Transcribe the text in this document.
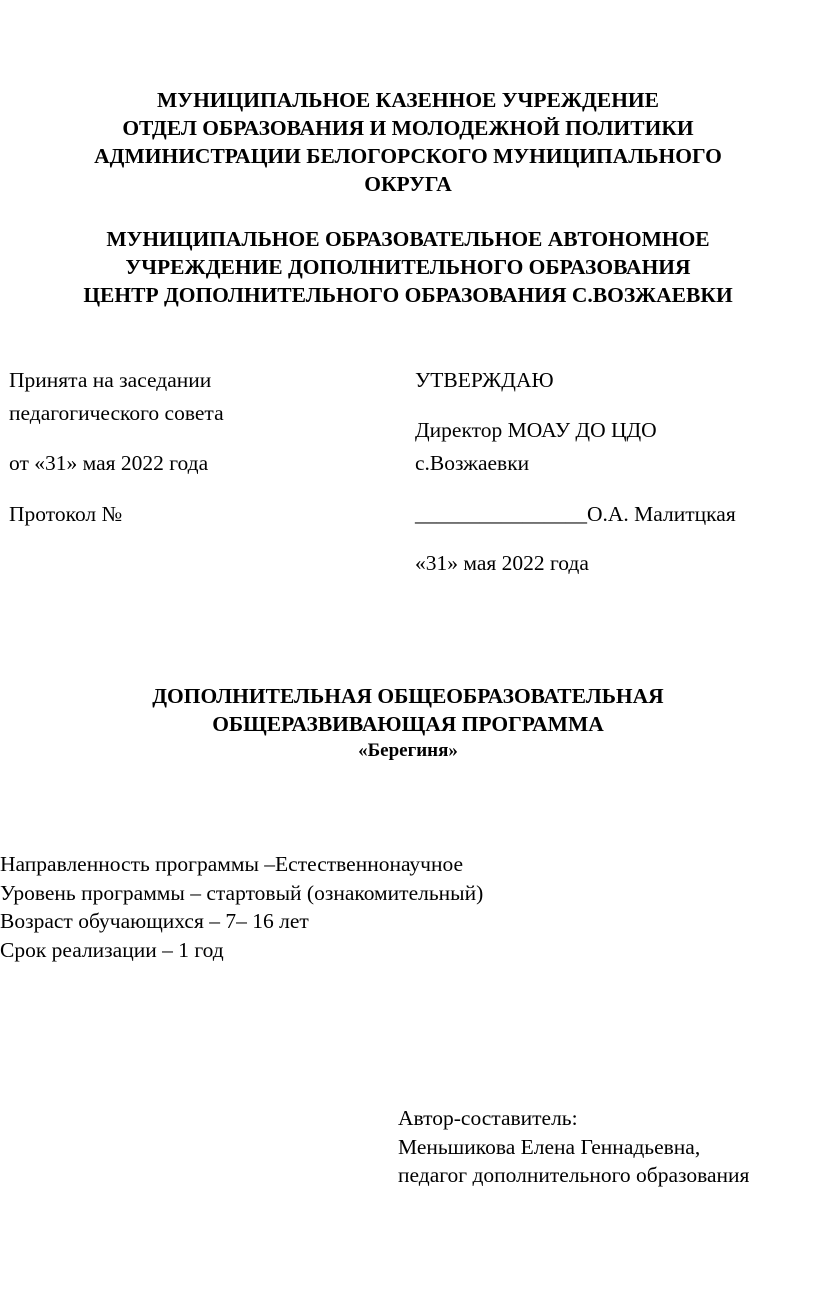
МУНИЦИПАЛЬНОЕ КАЗЕННОЕ УЧРЕЖДЕНИЕ
ОТДЕЛ ОБРАЗОВАНИЯ И МОЛОДЕЖНОЙ ПОЛИТИКИ
АДМИНИСТРАЦИИ БЕЛОГОРСКОГО МУНИЦИПАЛЬНОГО
ОКРУГА
МУНИЦИПАЛЬНОЕ ОБРАЗОВАТЕЛЬНОЕ АВТОНОМНОЕ
УЧРЕЖДЕНИЕ ДОПОЛНИТЕЛЬНОГО ОБРАЗОВАНИЯ
ЦЕНТР ДОПОЛНИТЕЛЬНОГО ОБРАЗОВАНИЯ С.ВОЗЖАЕВКИ
Принята на заседании
педагогического совета
от «31» мая 2022 года
Протокол №
УТВЕРЖДАЮ
Директор МОАУ ДО ЦДО
с.Возжаевки
________________О.А. Малитцкая
«31» мая 2022 года
ДОПОЛНИТЕЛЬНАЯ ОБЩЕОБРАЗОВАТЕЛЬНАЯ
ОБЩЕРАЗВИВАЮЩАЯ ПРОГРАММА
«Берегиня»
Направленность программы –Естественнонаучное
Уровень программы – стартовый (ознакомительный)
Возраст обучающихся – 7– 16 лет
Срок реализации – 1 год
Автор-составитель:
Меньшикова Елена Геннадьевна,
педагог дополнительного образования
